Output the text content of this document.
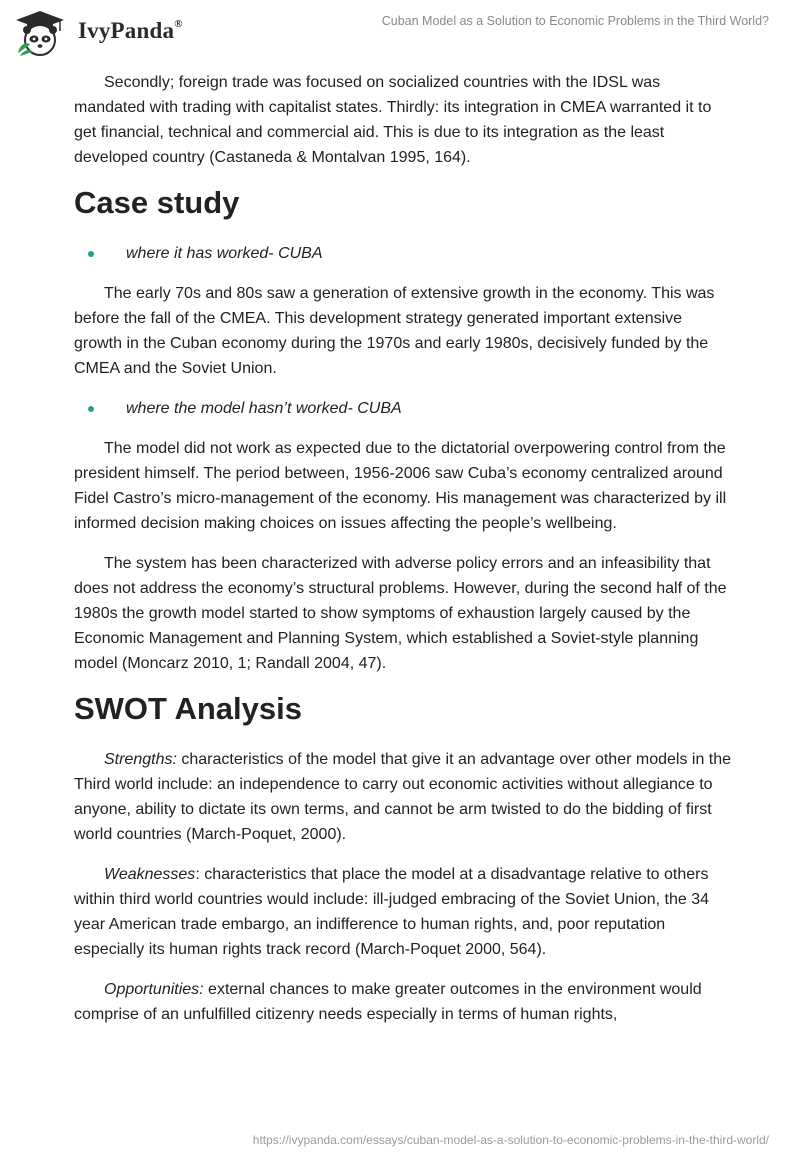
IvyPanda®	Cuban Model as a Solution to Economic Problems in the Third World?

Secondly; foreign trade was focused on socialized countries with the IDSL was mandated with trading with capitalist states. Thirdly: its integration in CMEA warranted it to get financial, technical and commercial aid. This is due to its integration as the least developed country (Castaneda & Montalvan 1995, 164).

Case study
where it has worked- CUBA

The early 70s and 80s saw a generation of extensive growth in the economy. This was before the fall of the CMEA. This development strategy generated important extensive growth in the Cuban economy during the 1970s and early 1980s, decisively funded by the CMEA and the Soviet Union.

where the model hasn’t worked- CUBA

The model did not work as expected due to the dictatorial overpowering control from the president himself. The period between, 1956-2006 saw Cuba’s economy centralized around Fidel Castro’s micro-management of the economy. His management was characterized by ill informed decision making choices on issues affecting the people’s wellbeing.

The system has been characterized with adverse policy errors and an infeasibility that does not address the economy’s structural problems. However, during the second half of the 1980s the growth model started to show symptoms of exhaustion largely caused by the Economic Management and Planning System, which established a Soviet-style planning model (Moncarz 2010, 1; Randall 2004, 47).

SWOT Analysis

Strengths: characteristics of the model that give it an advantage over other models in the Third world include: an independence to carry out economic activities without allegiance to anyone, ability to dictate its own terms, and cannot be arm twisted to do the bidding of first world countries (March-Poquet, 2000).

Weaknesses: characteristics that place the model at a disadvantage relative to others within third world countries would include: ill-judged embracing of the Soviet Union, the 34 year American trade embargo, an indifference to human rights, and, poor reputation especially its human rights track record (March-Poquet 2000, 564).

Opportunities: external chances to make greater outcomes in the environment would comprise of an unfulfilled citizenry needs especially in terms of human rights,

https://ivypanda.com/essays/cuban-model-as-a-solution-to-economic-problems-in-the-third-world/
